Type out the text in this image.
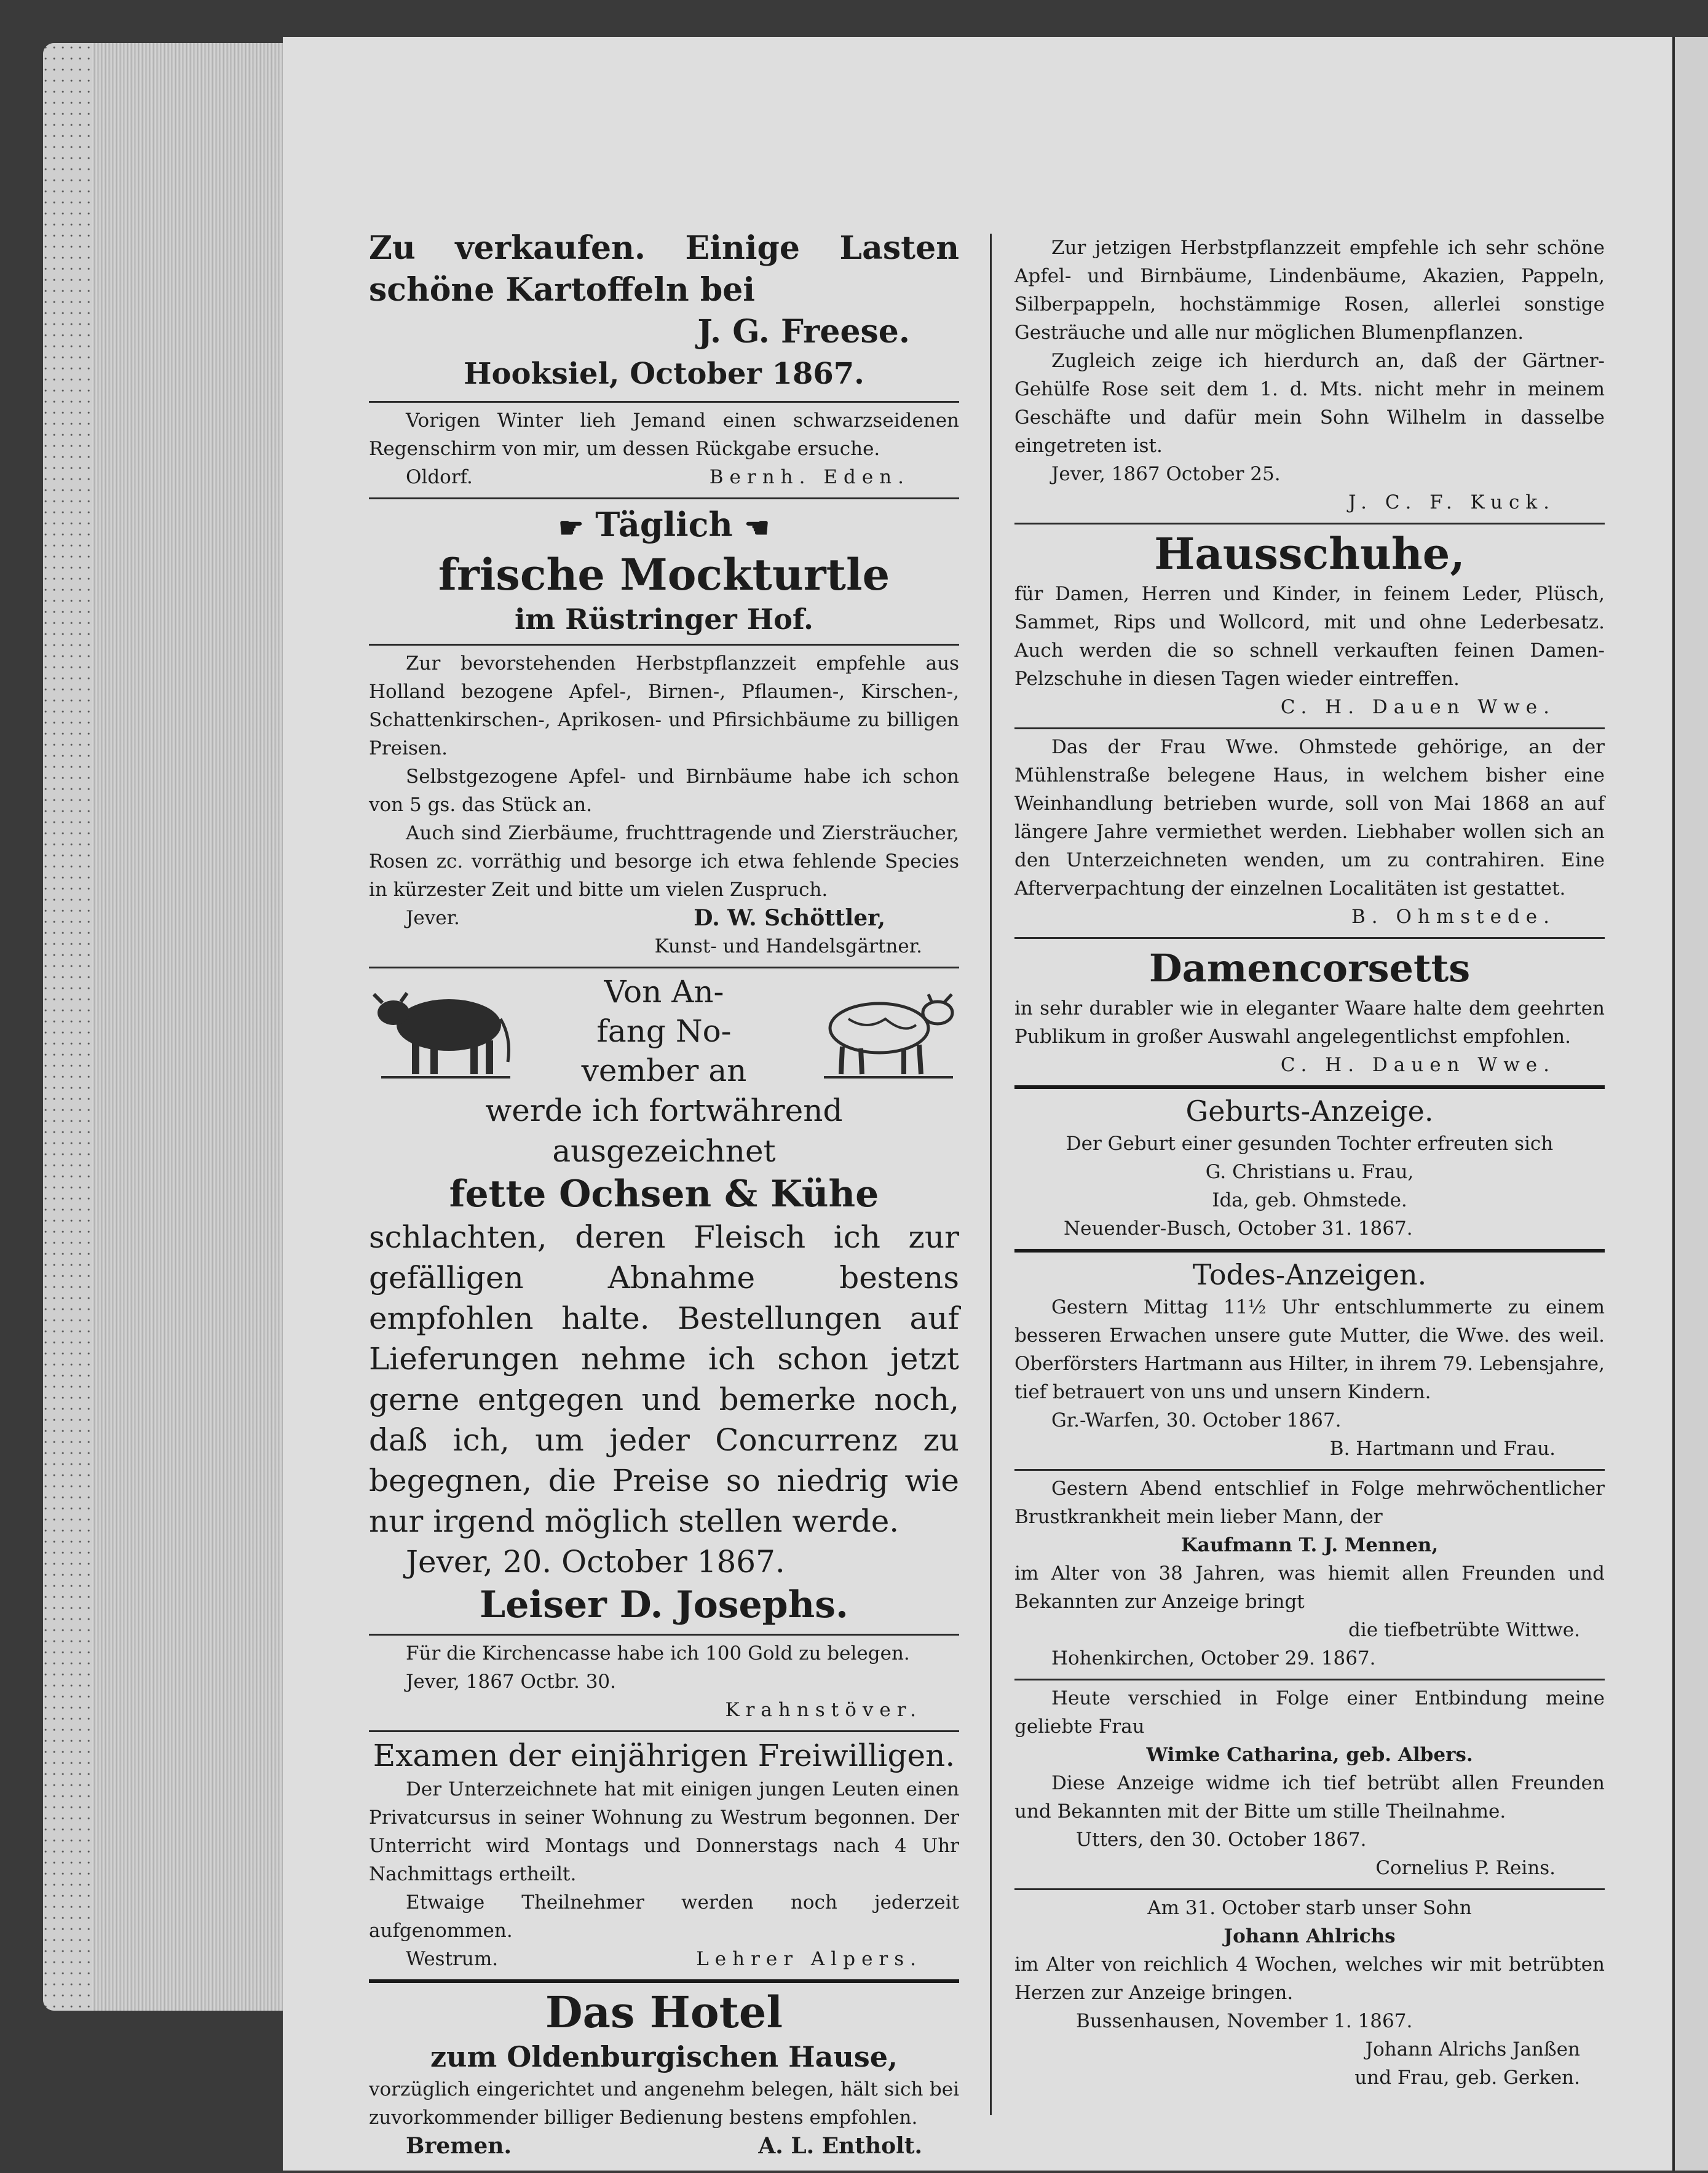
Zu verkaufen. Einige Lasten

schöne Kartoffeln bei

J. G. Freese.

Hooksiel, October 1867.

Vorigen Winter lieh Jemand einen schwarzseidenen Regenschirm von mir, um dessen Rückgabe ersuche.

Oldorf.	Bernh. Eden.

☛ Täglich ☚

frische Mockturtle

im Rüstringer Hof.

Zur bevorstehenden Herbstpflanzzeit empfehle aus Holland bezogene Apfel-, Birnen-, Pflaumen-, Kirschen-, Schattenkirschen-, Aprikosen- und Pfirsichbäume zu billigen Preisen.

Selbstgezogene Apfel- und Birnbäume habe ich schon von 5 gs. das Stück an.

Auch sind Zierbäume, fruchttragende und Ziersträucher, Rosen zc. vorräthig und besorge ich etwa fehlende Species in kürzester Zeit und bitte um vielen Zuspruch.

Jever.	D. W. Schöttler,

Kunst- und Handelsgärtner.

Von An-

fang No-

vember an

werde ich fortwährend ausgezeichnet

fette Ochsen & Kühe

schlachten, deren Fleisch ich zur gefälligen Abnahme bestens empfohlen halte. Bestellungen auf Lieferungen nehme ich schon jetzt gerne entgegen und bemerke noch, daß ich, um jeder Concurrenz zu begegnen, die Preise so niedrig wie nur irgend möglich stellen werde.

Jever, 20. October 1867.

Leiser D. Josephs.

Für die Kirchencasse habe ich 100 Gold zu belegen.

Jever, 1867 Octbr. 30.

Krahnstöver.

Examen der einjährigen Freiwilligen.

Der Unterzeichnete hat mit einigen jungen Leuten einen Privatcursus in seiner Wohnung zu Westrum begonnen. Der Unterricht wird Montags und Donnerstags nach 4 Uhr Nachmittags ertheilt.

Etwaige Theilnehmer werden noch jederzeit aufgenommen.

Westrum.	Lehrer Alpers.

Das Hotel

zum Oldenburgischen Hause,

vorzüglich eingerichtet und angenehm belegen, hält sich bei zuvorkommender billiger Bedienung bestens empfohlen.

Bremen.	A. L. Entholt.

Zur jetzigen Herbstpflanzzeit empfehle ich sehr schöne Apfel- und Birnbäume, Lindenbäume, Akazien, Pappeln, Silberpappeln, hochstämmige Rosen, allerlei sonstige Gesträuche und alle nur möglichen Blumenpflanzen.

Zugleich zeige ich hierdurch an, daß der Gärtner-Gehülfe Rose seit dem 1. d. Mts. nicht mehr in meinem Geschäfte und dafür mein Sohn Wilhelm in dasselbe eingetreten ist.

Jever, 1867 October 25.

J. C. F. Kuck.

Hausschuhe,

für Damen, Herren und Kinder, in feinem Leder, Plüsch, Sammet, Rips und Wollcord, mit und ohne Lederbesatz. Auch werden die so schnell verkauften feinen Damen-Pelzschuhe in diesen Tagen wieder eintreffen.

C. H. Dauen Wwe.

Das der Frau Wwe. Ohmstede gehörige, an der Mühlenstraße belegene Haus, in welchem bisher eine Weinhandlung betrieben wurde, soll von Mai 1868 an auf längere Jahre vermiethet werden. Liebhaber wollen sich an den Unterzeichneten wenden, um zu contrahiren. Eine Afterverpachtung der einzelnen Localitäten ist gestattet.

B. Ohmstede.

Damencorsetts

in sehr durabler wie in eleganter Waare halte dem geehrten Publikum in großer Auswahl angelegentlichst empfohlen.

C. H. Dauen Wwe.

Geburts-Anzeige.

Der Geburt einer gesunden Tochter erfreuten sich

G. Christians u. Frau,

Ida, geb. Ohmstede.

Neuender-Busch, October 31. 1867.

Todes-Anzeigen.

Gestern Mittag 11½ Uhr entschlummerte zu einem besseren Erwachen unsere gute Mutter, die Wwe. des weil. Oberförsters Hartmann aus Hilter, in ihrem 79. Lebensjahre, tief betrauert von uns und unsern Kindern.

Gr.-Warfen, 30. October 1867.

B. Hartmann und Frau.

Gestern Abend entschlief in Folge mehrwöchentlicher Brustkrankheit mein lieber Mann, der

Kaufmann T. J. Mennen,

im Alter von 38 Jahren, was hiemit allen Freunden und Bekannten zur Anzeige bringt

die tiefbetrübte Wittwe.

Hohenkirchen, October 29. 1867.

Heute verschied in Folge einer Entbindung meine geliebte Frau

Wimke Catharina, geb. Albers.

Diese Anzeige widme ich tief betrübt allen Freunden und Bekannten mit der Bitte um stille Theilnahme.

Utters, den 30. October 1867.

Cornelius P. Reins.

Am 31. October starb unser Sohn

Johann Ahlrichs

im Alter von reichlich 4 Wochen, welches wir mit betrübten Herzen zur Anzeige bringen.

Bussenhausen, November 1. 1867.

Johann Alrichs Janßen

und Frau, geb. Gerken.
